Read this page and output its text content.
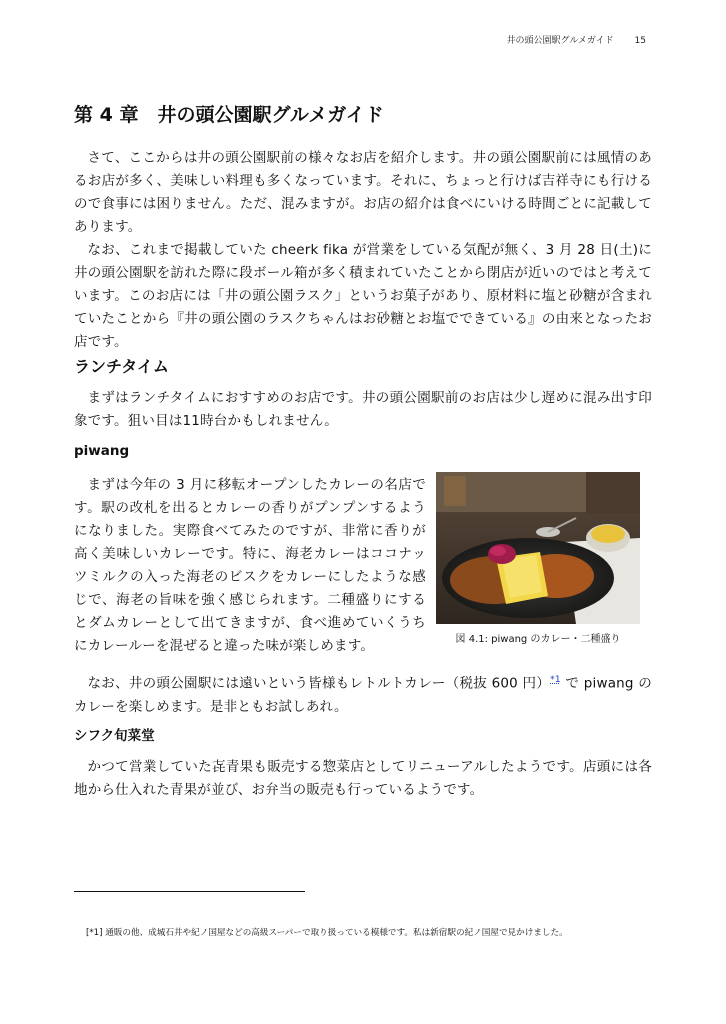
井の頭公園駅グルメガイド 15
第 4 章　井の頭公園駅グルメガイド

さて、ここからは井の頭公園駅前の様々なお店を紹介します。井の頭公園駅前には風情のあるお店が多く、美味しい料理も多くなっています。それに、ちょっと行けば吉祥寺にも行けるので食事には困りません。ただ、混みますが。お店の紹介は食べにいける時間ごとに記載してあります。

なお、これまで掲載していた cheerk fika が営業をしている気配が無く、3 月 28 日(土)に井の頭公園駅を訪れた際に段ボール箱が多く積まれていたことから閉店が近いのではと考えています。このお店には「井の頭公園ラスク」というお菓子があり、原材料に塩と砂糖が含まれていたことから『井の頭公園のラスクちゃんはお砂糖とお塩でできている』の由来となったお店です。

ランチタイム

まずはランチタイムにおすすめのお店です。井の頭公園駅前のお店は少し遅めに混み出す印象です。狙い目は11時台かもしれません。

piwang

まずは今年の 3 月に移転オープンしたカレーの名店です。駅の改札を出るとカレーの香りがプンプンするようになりました。実際食べてみたのですが、非常に香りが高く美味しいカレーです。特に、海老カレーはココナッツミルクの入った海老のビスクをカレーにしたような感じで、海老の旨味を強く感じられます。二種盛りにするとダムカレーとして出てきますが、食べ進めていくうちにカレールーを混ぜると違った味が楽しめます。	図 4.1: piwang のカレー・二種盛り

なお、井の頭公園駅には遠いという皆様もレトルトカレー（税抜 600 円）$^{*1}$ で piwang のカレーを楽しめます。是非ともお試しあれ。

シフク旬菜堂

かつて営業していた㐂青果も販売する惣菜店としてリニューアルしたようです。店頭には各地から仕入れた青果が並び、お弁当の販売も行っているようです。

[*1] 通販の他、成城石井や紀ノ国屋などの高級スーパーで取り扱っている模様です。私は新宿駅の紀ノ国屋で見かけました。
